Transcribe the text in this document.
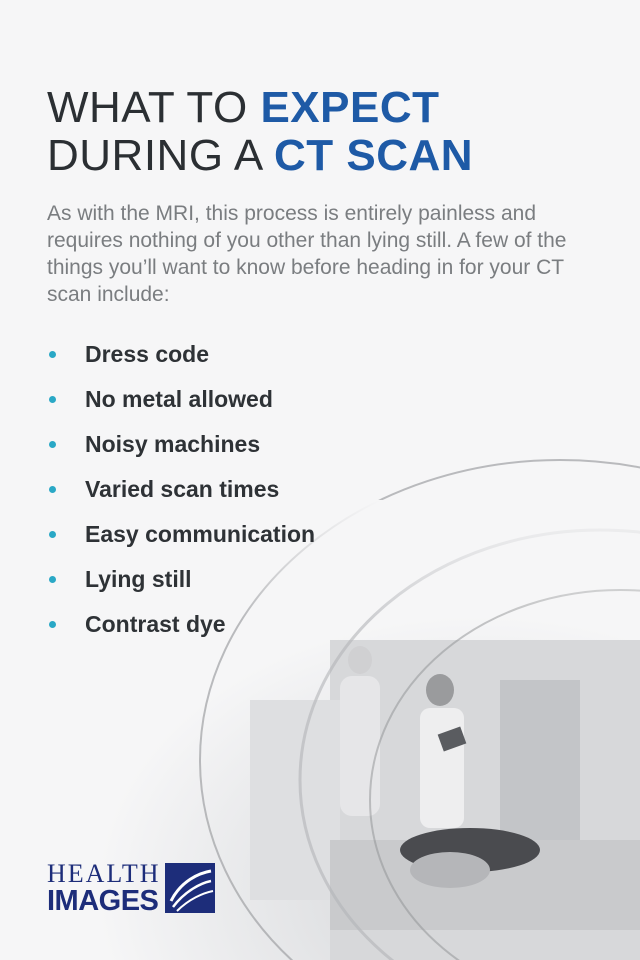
WHAT TO EXPECT
DURING A CT SCAN

As with the MRI, this process is entirely painless and requires nothing of you other than lying still. A few of the things you’ll want to know before heading in for your CT scan include:

Dress code
No metal allowed
Noisy machines
Varied scan times
Easy communication
Lying still
Contrast dye
HEALTH
IMAGES
